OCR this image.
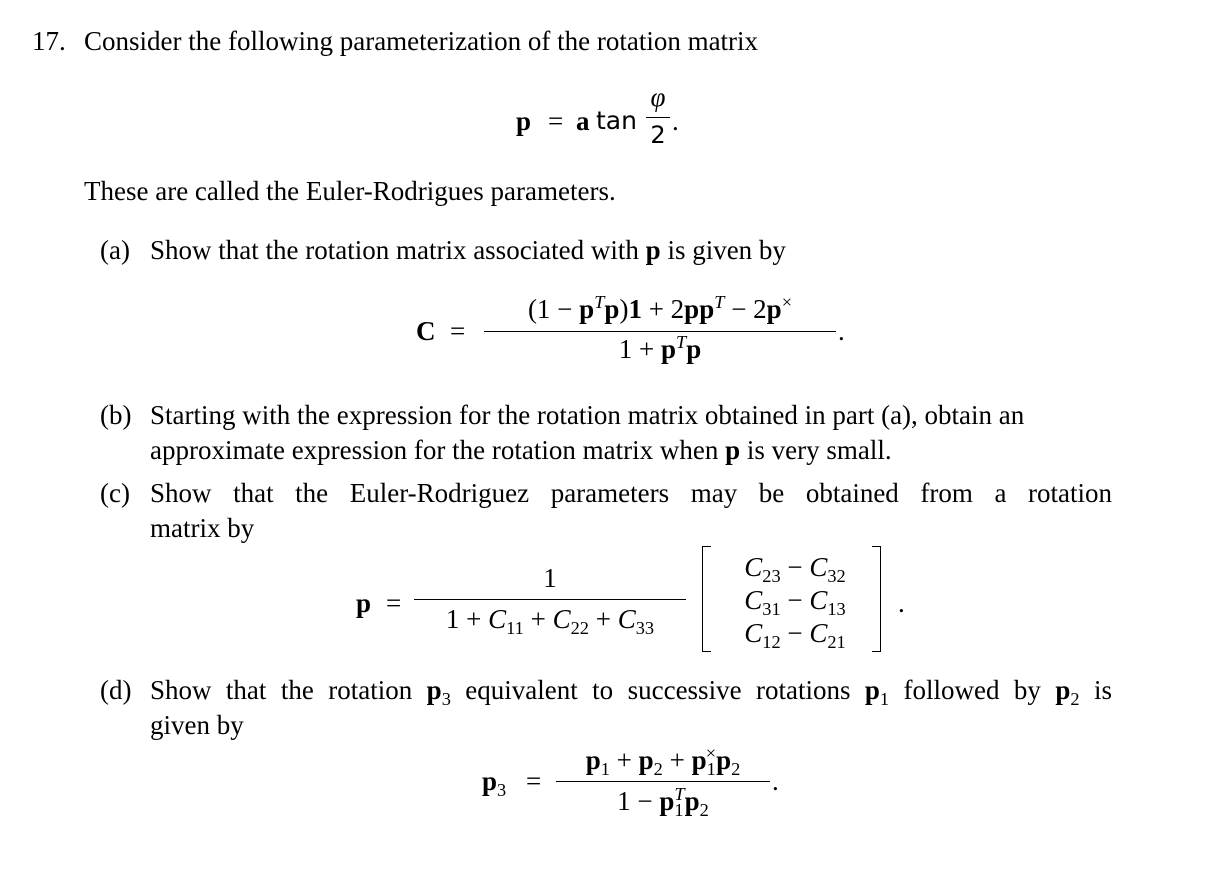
17. Consider the following parameterization of the rotation matrix
p = a tan
φ
2 .
These are called the Euler-Rodrigues parameters.
(a) Show that the rotation matrix associated with p is given by
C =
$(1 - p^Tp)1 + 2pp^T - 2p^\times$
$1 + p^Tp$
.
(b) Starting with the expression for the rotation matrix obtained in part (a), obtain an
approximate expression for the rotation matrix when p is very small.
(c) Show that the Euler-Rodriguez parameters may be obtained from a rotation
matrix by
p =
1
$1 + C_{11} + C_{22} + C_{33}$
$C_{23} - C_{32}$
$C_{31} - C_{13}$
$C_{12} - C_{21}$
.
(d) Show that the rotation $p_3$ equivalent to successive rotations $p_1$ followed by $p_2$ is
given by
$p_3$ =
$p_1 + p_2 + p_1^\times p_2$
$1 - p_1^Tp_2$
.
